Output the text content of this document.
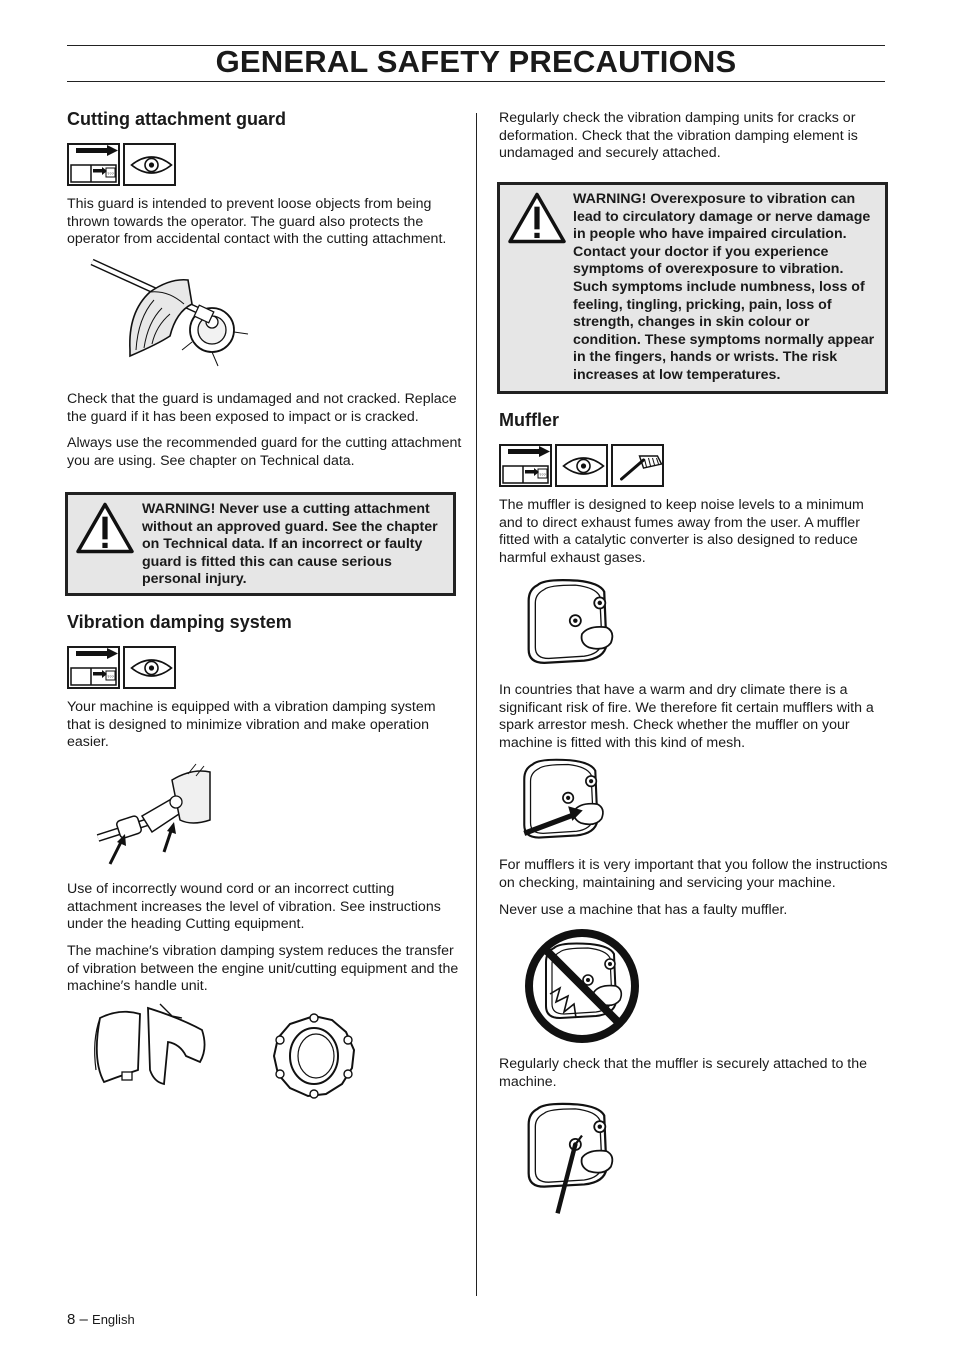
GENERAL SAFETY PRECAUTIONS
Cutting attachment guard

This guard is intended to prevent loose objects from being thrown towards the operator. The guard also protects the operator from accidental contact with the cutting attachment.

Check that the guard is undamaged and not cracked. Replace the guard if it has been exposed to impact or is cracked.

Always use the recommended guard for the cutting attachment you are using. See chapter on Technical data.

WARNING! Never use a cutting attachment without an approved guard. See the chapter on Technical data. If an incorrect or faulty guard is fitted this can cause serious personal injury.
Vibration damping system

Your machine is equipped with a vibration damping system that is designed to minimize vibration and make operation easier.

Use of incorrectly wound cord or an incorrect cutting attachment increases the level of vibration. See instructions under the heading Cutting equipment.

The machine′s vibration damping system reduces the transfer of vibration between the engine unit/cutting equipment and the machine′s handle unit.

Regularly check the vibration damping units for cracks or deformation. Check that the vibration damping element is undamaged and securely attached.

WARNING! Overexposure to vibration can lead to circulatory damage or nerve damage in people who have impaired circulation. Contact your doctor if you experience symptoms of overexposure to vibration. Such symptoms include numbness, loss of feeling, tingling, pricking, pain, loss of strength, changes in skin colour or condition. These symptoms normally appear in the fingers, hands or wrists. The risk increases at low temperatures.
Muffler

The muffler is designed to keep noise levels to a minimum and to direct exhaust fumes away from the user. A muffler fitted with a catalytic converter is also designed to reduce harmful exhaust gases.

In countries that have a warm and dry climate there is a significant risk of fire. We therefore fit certain mufflers with a spark arrestor mesh. Check whether the muffler on your machine is fitted with this kind of mesh.

For mufflers it is very important that you follow the instructions on checking, maintaining and servicing your machine.

Never use a machine that has a faulty muffler.

Regularly check that the muffler is securely attached to the machine.

8 – English
